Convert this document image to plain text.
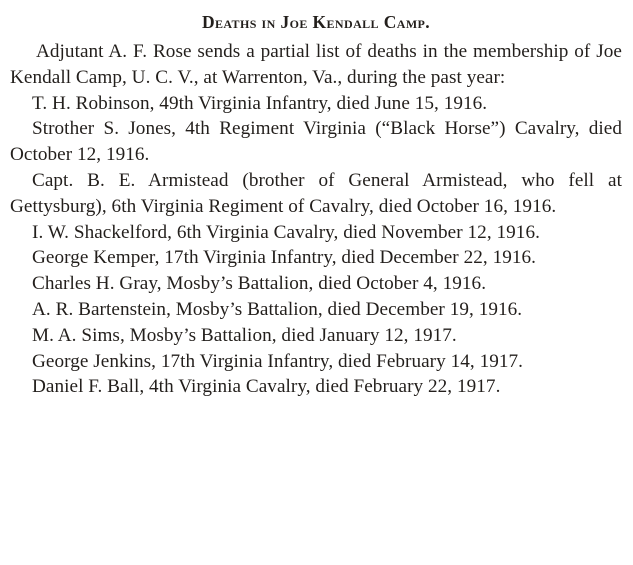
Deaths in Joe Kendall Camp.

Adjutant A. F. Rose sends a partial list of deaths in the membership of Joe Kendall Camp, U. C. V., at Warrenton, Va., during the past year:

T. H. Robinson, 49th Virginia Infantry, died June 15, 1916.

Strother S. Jones, 4th Regiment Virginia (“Black Horse”) Cavalry, died October 12, 1916.

Capt. B. E. Armistead (brother of General Armistead, who fell at Gettysburg), 6th Virginia Regiment of Cavalry, died October 16, 1916.

I. W. Shackelford, 6th Virginia Cavalry, died November 12, 1916.

George Kemper, 17th Virginia Infantry, died December 22, 1916.

Charles H. Gray, Mosby’s Battalion, died October 4, 1916.

A. R. Bartenstein, Mosby’s Battalion, died December 19, 1916.

M. A. Sims, Mosby’s Battalion, died January 12, 1917.

George Jenkins, 17th Virginia Infantry, died February 14, 1917.

Daniel F. Ball, 4th Virginia Cavalry, died February 22, 1917.
